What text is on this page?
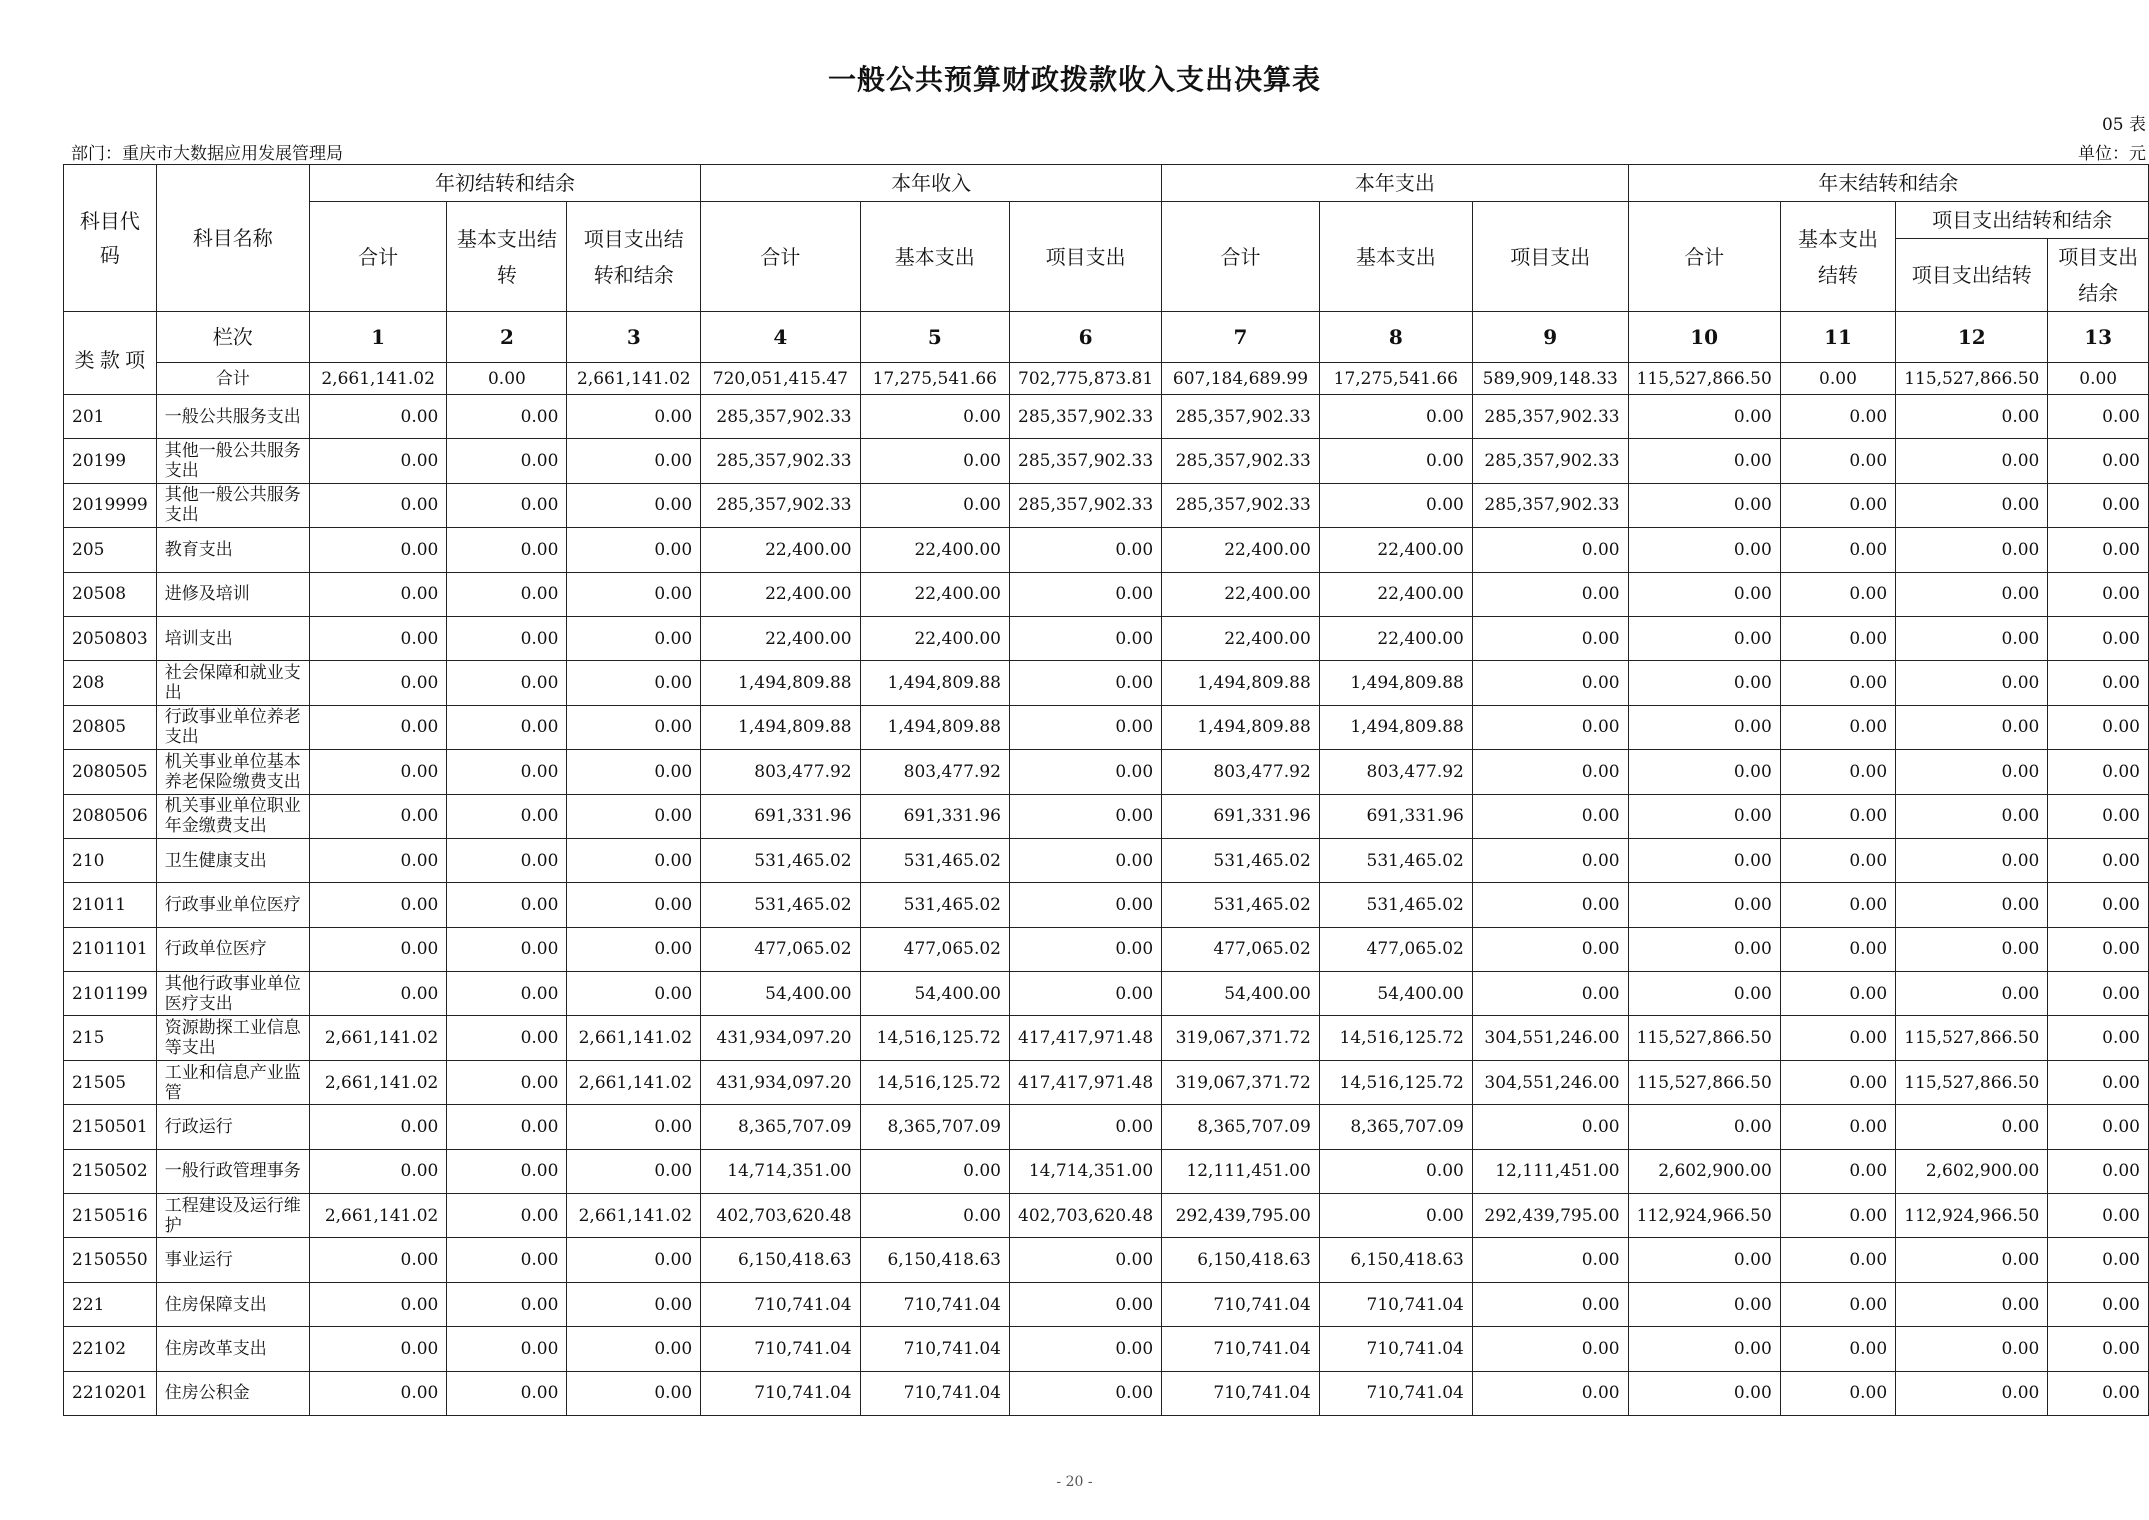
一般公共预算财政拨款收入支出决算表
05 表
部门：重庆市大数据应用发展管理局	单位：元
科目代码	科目名称	年初结转和结余			本年收入			本年支出			年末结转和结余			
		合计	基本支出结转	项目支出结转和结余	合计	基本支出	项目支出	合计	基本支出	项目支出	合计	基本支出结转	项目支出结转和结余	
													项目支出结转	项目支出结余

类 款 项	栏次	1	2	3	4	5	6	7	8	9	10	11	12	13
	合计	2,661,141.02	0.00	2,661,141.02	720,051,415.47	17,275,541.66	702,775,873.81	607,184,689.99	17,275,541.66	589,909,148.33	115,527,866.50	0.00	115,527,866.50	0.00
201	一般公共服务支出	0.00	0.00	0.00	285,357,902.33	0.00	285,357,902.33	285,357,902.33	0.00	285,357,902.33	0.00	0.00	0.00	0.00
20199	其他一般公共服务支出	0.00	0.00	0.00	285,357,902.33	0.00	285,357,902.33	285,357,902.33	0.00	285,357,902.33	0.00	0.00	0.00	0.00
2019999	其他一般公共服务支出	0.00	0.00	0.00	285,357,902.33	0.00	285,357,902.33	285,357,902.33	0.00	285,357,902.33	0.00	0.00	0.00	0.00
205	教育支出	0.00	0.00	0.00	22,400.00	22,400.00	0.00	22,400.00	22,400.00	0.00	0.00	0.00	0.00	0.00
20508	进修及培训	0.00	0.00	0.00	22,400.00	22,400.00	0.00	22,400.00	22,400.00	0.00	0.00	0.00	0.00	0.00
2050803	培训支出	0.00	0.00	0.00	22,400.00	22,400.00	0.00	22,400.00	22,400.00	0.00	0.00	0.00	0.00	0.00
208	社会保障和就业支出	0.00	0.00	0.00	1,494,809.88	1,494,809.88	0.00	1,494,809.88	1,494,809.88	0.00	0.00	0.00	0.00	0.00
20805	行政事业单位养老支出	0.00	0.00	0.00	1,494,809.88	1,494,809.88	0.00	1,494,809.88	1,494,809.88	0.00	0.00	0.00	0.00	0.00
2080505	机关事业单位基本养老保险缴费支出	0.00	0.00	0.00	803,477.92	803,477.92	0.00	803,477.92	803,477.92	0.00	0.00	0.00	0.00	0.00
2080506	机关事业单位职业年金缴费支出	0.00	0.00	0.00	691,331.96	691,331.96	0.00	691,331.96	691,331.96	0.00	0.00	0.00	0.00	0.00
210	卫生健康支出	0.00	0.00	0.00	531,465.02	531,465.02	0.00	531,465.02	531,465.02	0.00	0.00	0.00	0.00	0.00
21011	行政事业单位医疗	0.00	0.00	0.00	531,465.02	531,465.02	0.00	531,465.02	531,465.02	0.00	0.00	0.00	0.00	0.00
2101101	行政单位医疗	0.00	0.00	0.00	477,065.02	477,065.02	0.00	477,065.02	477,065.02	0.00	0.00	0.00	0.00	0.00
2101199	其他行政事业单位医疗支出	0.00	0.00	0.00	54,400.00	54,400.00	0.00	54,400.00	54,400.00	0.00	0.00	0.00	0.00	0.00
215	资源勘探工业信息等支出	2,661,141.02	0.00	2,661,141.02	431,934,097.20	14,516,125.72	417,417,971.48	319,067,371.72	14,516,125.72	304,551,246.00	115,527,866.50	0.00	115,527,866.50	0.00
21505	工业和信息产业监管	2,661,141.02	0.00	2,661,141.02	431,934,097.20	14,516,125.72	417,417,971.48	319,067,371.72	14,516,125.72	304,551,246.00	115,527,866.50	0.00	115,527,866.50	0.00
2150501	行政运行	0.00	0.00	0.00	8,365,707.09	8,365,707.09	0.00	8,365,707.09	8,365,707.09	0.00	0.00	0.00	0.00	0.00
2150502	一般行政管理事务	0.00	0.00	0.00	14,714,351.00	0.00	14,714,351.00	12,111,451.00	0.00	12,111,451.00	2,602,900.00	0.00	2,602,900.00	0.00
2150516	工程建设及运行维护	2,661,141.02	0.00	2,661,141.02	402,703,620.48	0.00	402,703,620.48	292,439,795.00	0.00	292,439,795.00	112,924,966.50	0.00	112,924,966.50	0.00
2150550	事业运行	0.00	0.00	0.00	6,150,418.63	6,150,418.63	0.00	6,150,418.63	6,150,418.63	0.00	0.00	0.00	0.00	0.00
221	住房保障支出	0.00	0.00	0.00	710,741.04	710,741.04	0.00	710,741.04	710,741.04	0.00	0.00	0.00	0.00	0.00
22102	住房改革支出	0.00	0.00	0.00	710,741.04	710,741.04	0.00	710,741.04	710,741.04	0.00	0.00	0.00	0.00	0.00
2210201	住房公积金	0.00	0.00	0.00	710,741.04	710,741.04	0.00	710,741.04	710,741.04	0.00	0.00	0.00	0.00	0.00
- 20 -
